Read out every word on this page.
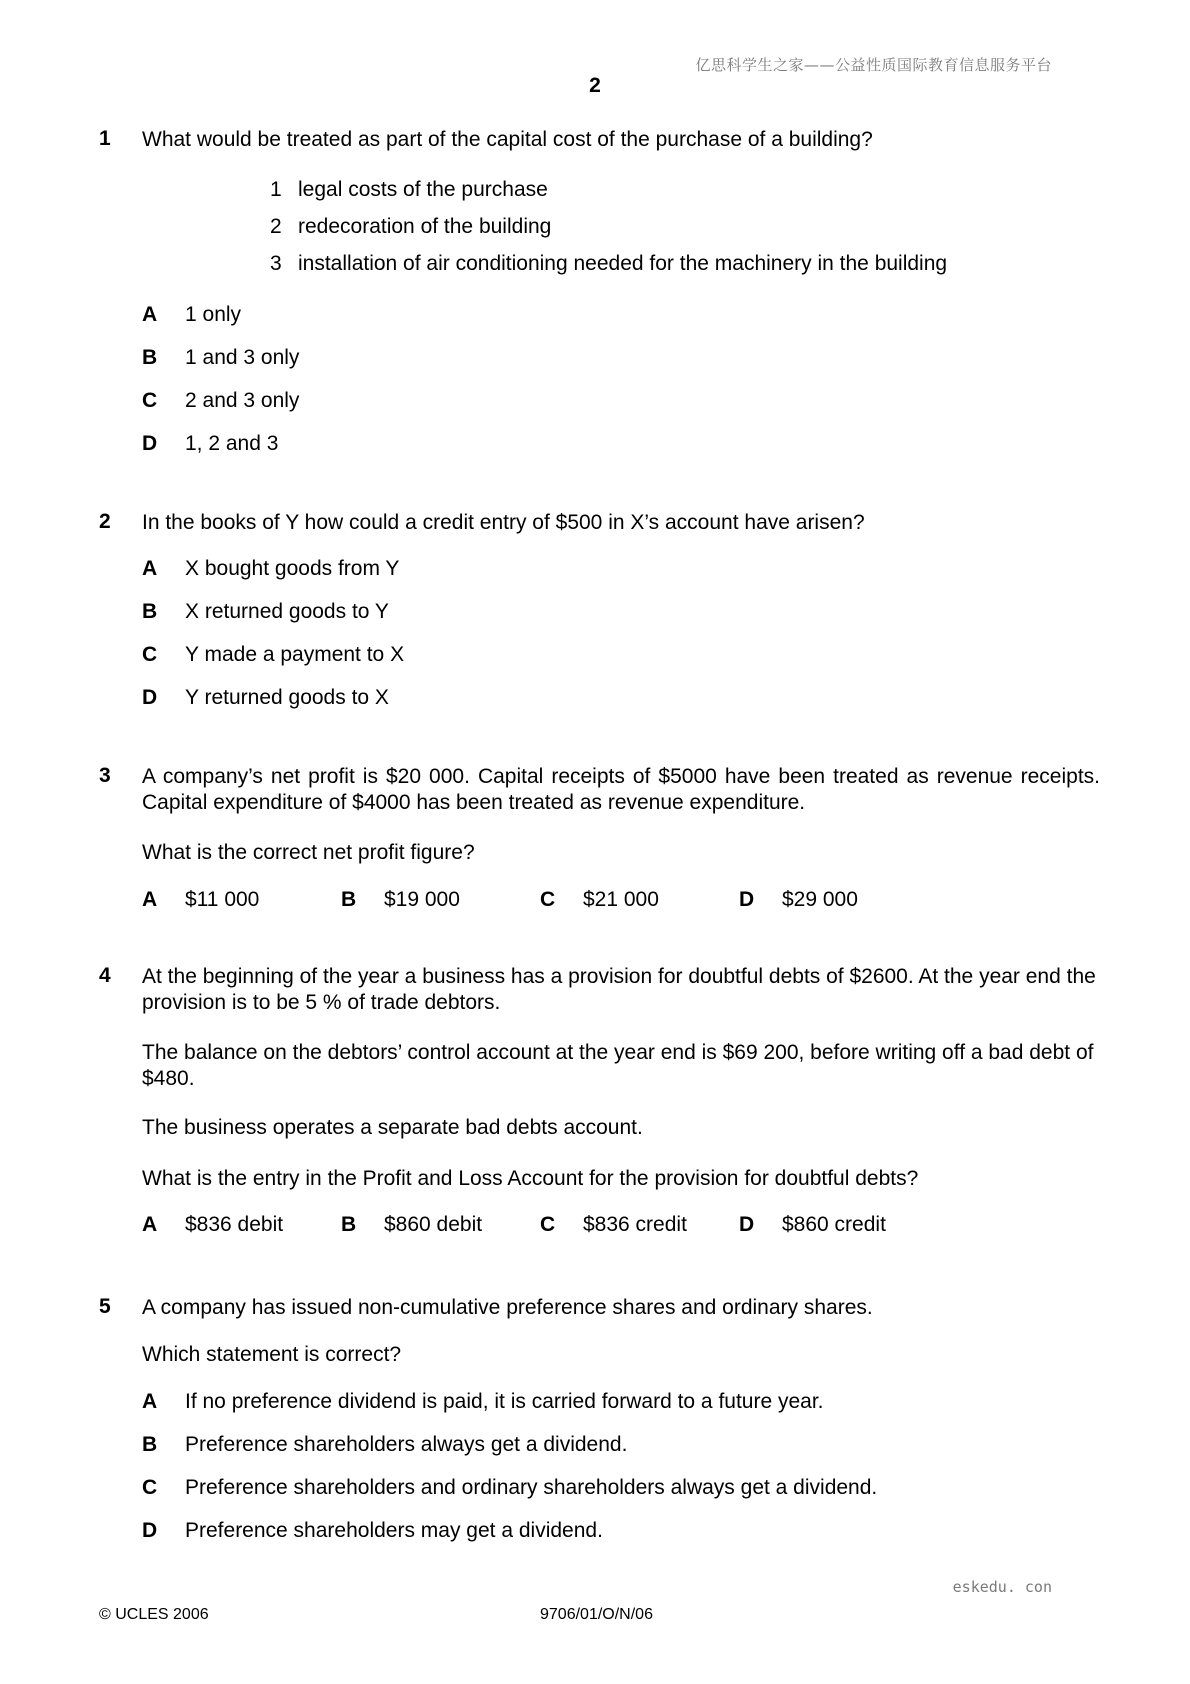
亿思科学生之家——公益性质国际教育信息服务平台
2
1 What would be treated as part of the capital cost of the purchase of a building?
1 legal costs of the purchase
2 redecoration of the building
3 installation of air conditioning needed for the machinery in the building
A 1 only
B 1 and 3 only
C 2 and 3 only
D 1, 2 and 3
2 In the books of Y how could a credit entry of $500 in X’s account have arisen?
A X bought goods from Y
B X returned goods to Y
C Y made a payment to X
D Y returned goods to X
3 A company’s net profit is $20 000. Capital receipts of $5000 have been treated as revenue receipts. Capital expenditure of $4000 has been treated as revenue expenditure.
What is the correct net profit figure?
A $11 000	B $19 000	C $21 000	D $29 000
4 At the beginning of the year a business has a provision for doubtful debts of $2600. At the year end the provision is to be 5 % of trade debtors.
The balance on the debtors’ control account at the year end is $69 200, before writing off a bad debt of $480.
The business operates a separate bad debts account.
What is the entry in the Profit and Loss Account for the provision for doubtful debts?
A $836 debit	B $860 debit	C $836 credit D $860 credit
5 A company has issued non-cumulative preference shares and ordinary shares.
Which statement is correct?
A If no preference dividend is paid, it is carried forward to a future year.
B Preference shareholders always get a dividend.
C Preference shareholders and ordinary shareholders always get a dividend.
D Preference shareholders may get a dividend.
eskedu. con
© UCLES 2006	9706/01/O/N/06
